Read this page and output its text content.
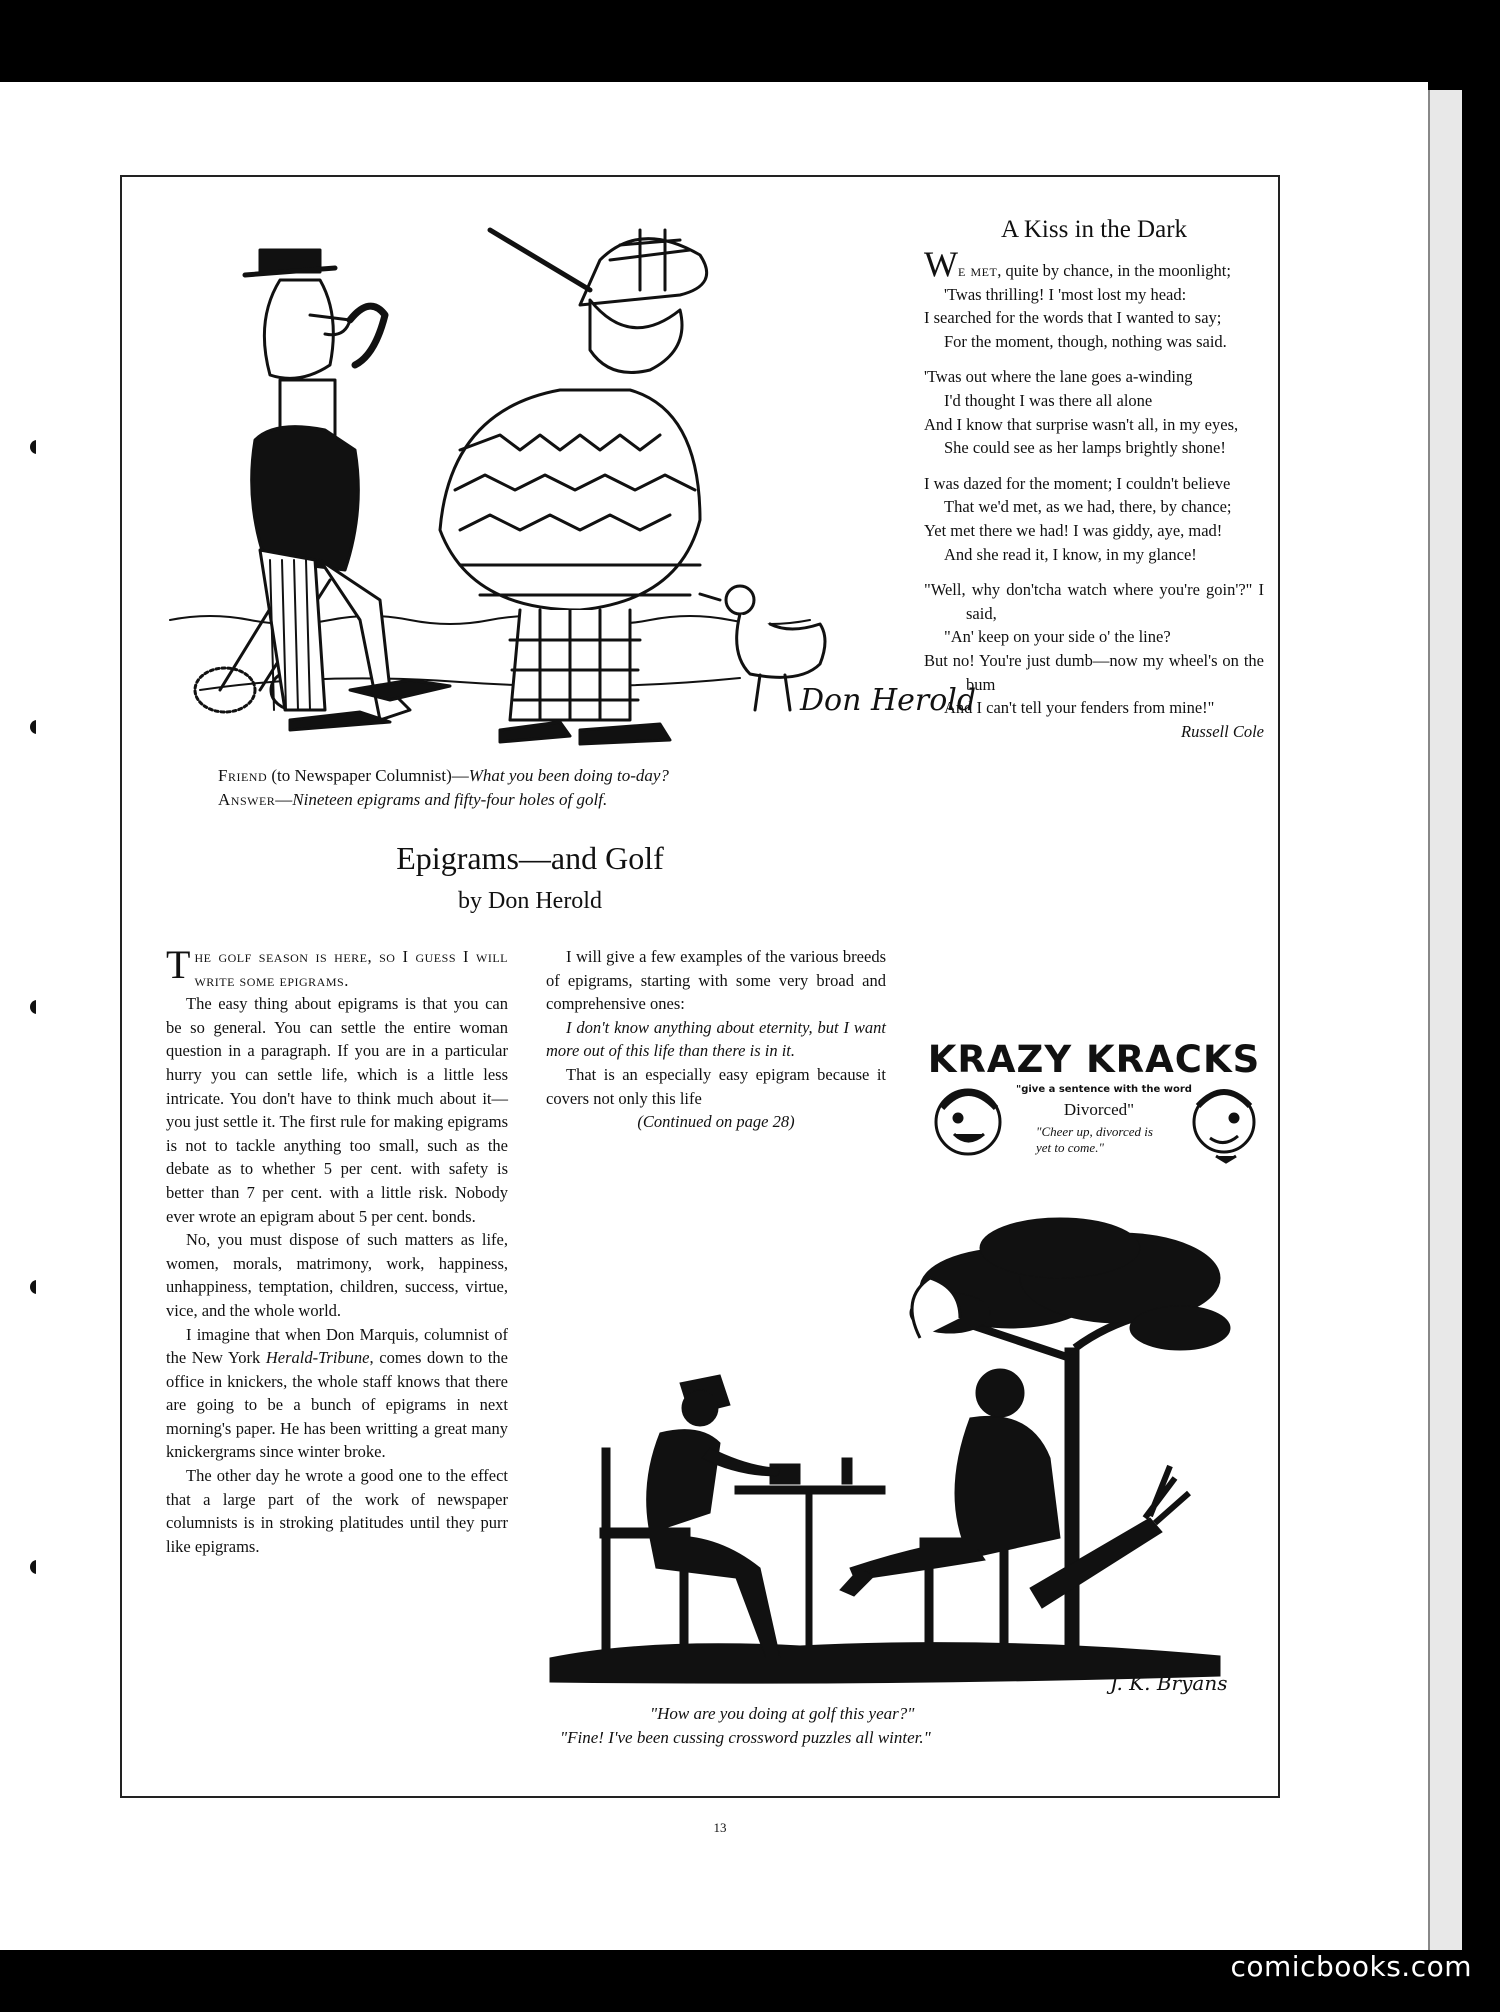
Don Herold
Friend (to Newspaper Columnist)—What you been doing to-day?
Answer—Nineteen epigrams and fifty-four holes of golf.
Epigrams—and Golf
by Don Herold

The golf season is here, so I guess I will write some epigrams.

The easy thing about epigrams is that you can be so general. You can settle the entire woman question in a paragraph. If you are in a particular hurry you can settle life, which is a little less intricate. You don't have to think much about it—you just settle it. The first rule for making epigrams is not to tackle anything too small, such as the debate as to whether 5 per cent. with safety is better than 7 per cent. with a little risk. Nobody ever wrote an epigram about 5 per cent. bonds.

No, you must dispose of such matters as life, women, morals, matrimony, work, happiness, unhappiness, temptation, children, success, virtue, vice, and the whole world.

I imagine that when Don Marquis, columnist of the New York Herald-Tribune, comes down to the office in knickers, the whole staff knows that there are going to be a bunch of epigrams in next morning's paper. He has been writting a great many knickergrams since winter broke.

The other day he wrote a good one to the effect that a large part of the work of newspaper columnists is in stroking platitudes until they purr like epigrams.

I will give a few examples of the various breeds of epigrams, starting with some very broad and comprehensive ones:

I don't know anything about eternity, but I want more out of this life than there is in it.

That is an especially easy epigram because it covers not only this life

(Continued on page 28)

A Kiss in the Dark
We met, quite by chance, in the moonlight;
'Twas thrilling! I 'most lost my head:
I searched for the words that I wanted to say;
For the moment, though, nothing was said.
'Twas out where the lane goes a-winding
I'd thought I was there all alone
And I know that surprise wasn't all, in my eyes,
She could see as her lamps brightly shone!
I was dazed for the moment; I couldn't believe
That we'd met, as we had, there, by chance;
Yet met there we had! I was giddy, aye, mad!
And she read it, I know, in my glance!
"Well, why don'tcha watch where you're goin'?" I said,
"An' keep on your side o' the line?
But no! You're just dumb—now my wheel's on the bum
And I can't tell your fenders from mine!"
Russell Cole
KRAZY KRACKS
"give a sentence with the word
Divorced"
"Cheer up, divorced is yet to come."
J. K. Bryans
"How are you doing at golf this year?"
"Fine! I've been cussing crossword puzzles all winter."
13
comicbooks.com
